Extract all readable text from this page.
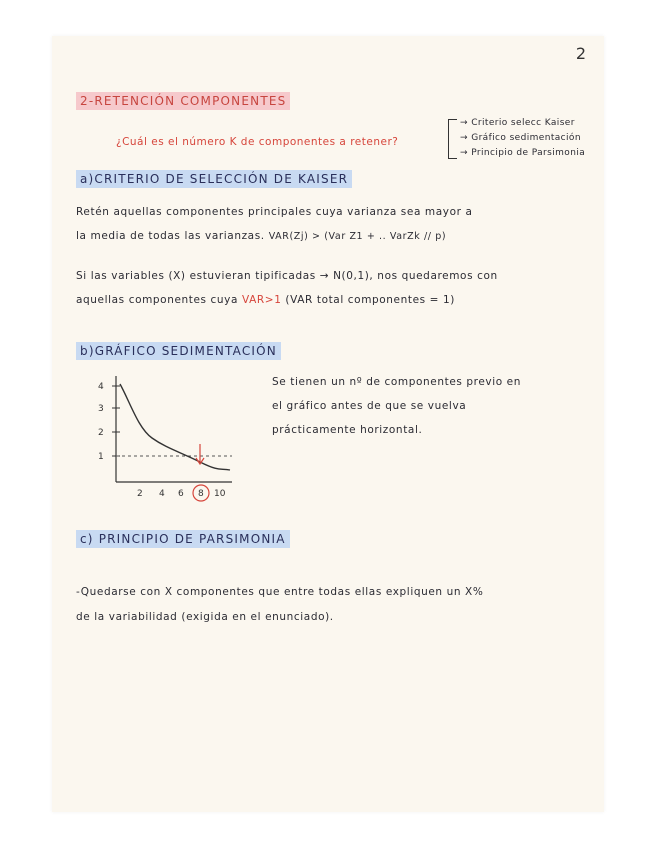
2
2-RETENCIÓN COMPONENTES
¿Cuál es el número K de componentes a retener?
→ Criterio selecc Kaiser
→ Gráfico sedimentación
→ Principio de Parsimonia
a)CRITERIO DE SELECCIÓN DE KAISER
Retén aquellas componentes principales cuya varianza sea mayor a
la media de todas las varianzas. VAR(Zj) > (Var Z1 + .. VarZk // p)
Si las variables (X) estuvieran tipificadas → N(0,1), nos quedaremos con
aquellas componentes cuya VAR>1 (VAR total componentes = 1)
b)GRÁFICO SEDIMENTACIÓN
4
3
2
1
2 4 6 8 10
Se tienen un nº de componentes previo en
el gráfico antes de que se vuelva
prácticamente horizontal.
c) PRINCIPIO DE PARSIMONIA
-Quedarse con X componentes que entre todas ellas expliquen un X%
de la variabilidad (exigida en el enunciado).
